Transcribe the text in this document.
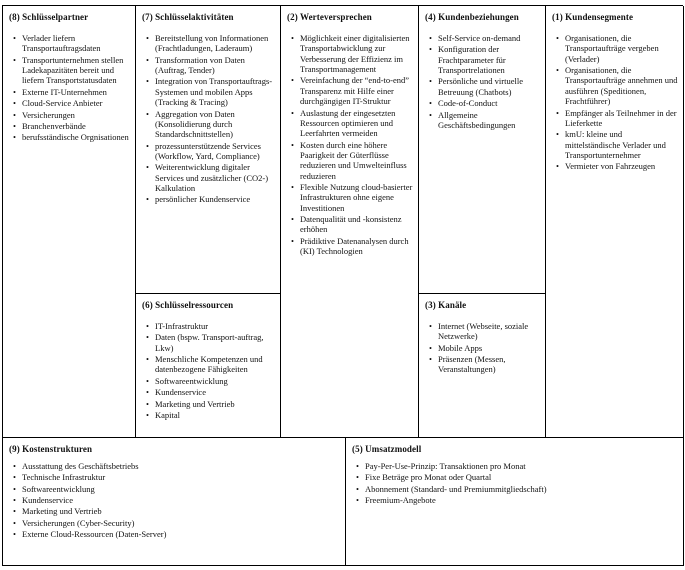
(8) Schlüsselpartner
• Verlader liefern Transportauftragsdaten
• Transportunternehmen stellen Ladekapazitäten bereit und liefern Transportstatusdaten
• Externe IT-Unternehmen
• Cloud-Service Anbieter
• Versicherungen
• Branchenverbände
• berufsständische Orgnisationen
(7) Schlüsselaktivitäten
• Bereitstellung von Informationen (Frachtladungen, Laderaum)
• Transformation von Daten (Auftrag, Tender)
• Integration von Transportauftrags-Systemen und mobilen Apps (Tracking & Tracing)
• Aggregation von Daten (Konsolidierung durch Standardschnittstellen)
• prozessunterstützende Services (Workflow, Yard, Compliance)
• Weiterentwicklung digitaler Services und zusätzlicher (CO2-) Kalkulation
• persönlicher Kundenservice
(6) Schlüsselressourcen
• IT-Infrastruktur
• Daten (bspw. Transport-auftrag, Lkw)
• Menschliche Kompetenzen und datenbezogene Fähigkeiten
• Softwareentwicklung
• Kundenservice
• Marketing und Vertrieb
• Kapital
(2) Werteversprechen
• Möglichkeit einer digitalisierten Transportabwicklung zur Verbesserung der Effizienz im Transportmanagement
• Vereinfachung der “end-to-end” Transparenz mit Hilfe einer durchgängigen IT-Struktur
• Auslastung der eingesetzten Ressourcen optimieren und Leerfahrten vermeiden
• Kosten durch eine höhere Paarigkeit der Güterflüsse reduzieren und Umwelteinfluss reduzieren
• Flexible Nutzung cloud-basierter Infrastrukturen ohne eigene Investitionen
• Datenqualität und -konsistenz erhöhen
• Prädiktive Datenanalysen durch (KI) Technologien
(4) Kundenbeziehungen
• Self-Service on-demand
• Konfiguration der Frachtparameter für Transportrelationen
• Persönliche und virtuelle Betreuung (Chatbots)
• Code-of-Conduct
• Allgemeine Geschäftsbedingungen
(3) Kanäle
• Internet (Webseite, soziale Netzwerke)
• Mobile Apps
• Präsenzen (Messen, Veranstaltungen)
(1) Kundensegmente
• Organisationen, die Transportaufträge vergeben (Verlader)
• Organisationen, die Transportaufträge annehmen und ausführen (Speditionen, Frachtführer)
• Empfänger als Teilnehmer in der Lieferkette
• kmU: kleine und mittelständische Verlader und Transportunternehmer
• Vermieter von Fahrzeugen
(9) Kostenstrukturen
• Ausstattung des Geschäftsbetriebs
• Technische Infrastruktur
• Softwareentwicklung
• Kundenservice
• Marketing und Vertrieb
• Versicherungen (Cyber-Security)
• Externe Cloud-Ressourcen (Daten-Server)
(5) Umsatzmodell
• Pay-Per-Use-Prinzip: Transaktionen pro Monat
• Fixe Beträge pro Monat oder Quartal
• Abonnement (Standard- und Premiummitgliedschaft)
• Freemium-Angebote
